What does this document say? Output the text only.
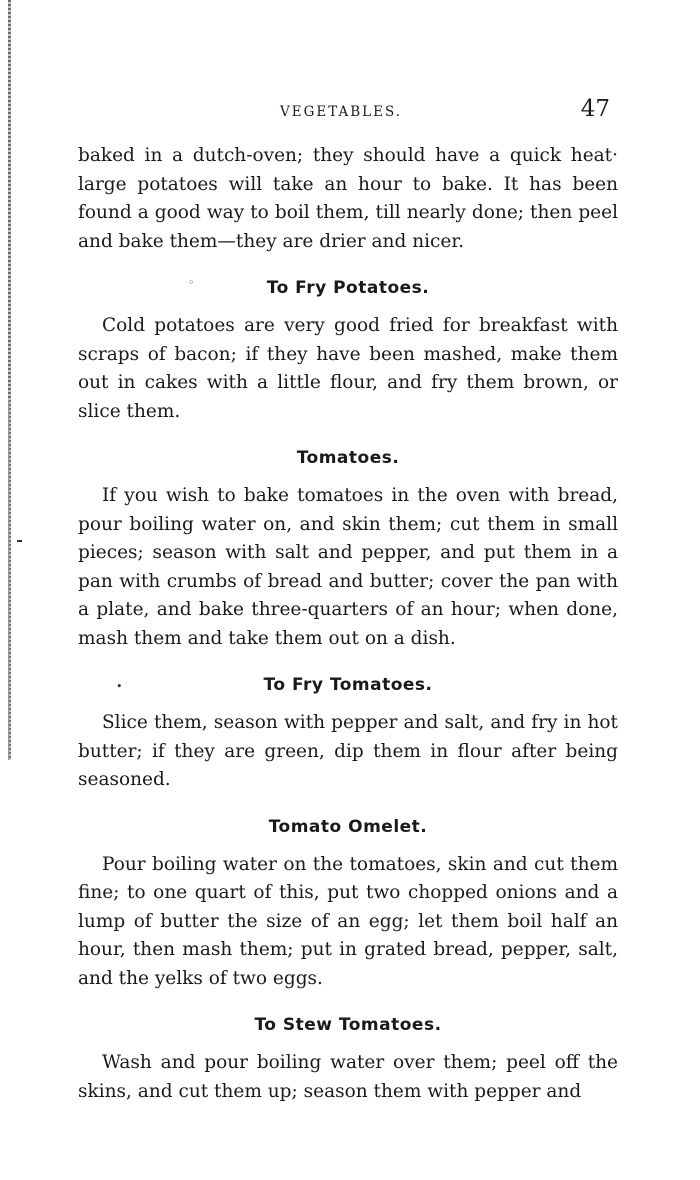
VEGETABLES.	47

baked in a dutch-oven; they should have a quick heat· large potatoes will take an hour to bake. It has been found a good way to boil them, till nearly done; then peel and bake them—they are drier and nicer.

To Fry Potatoes.

Cold potatoes are very good fried for breakfast with scraps of bacon; if they have been mashed, make them out in cakes with a little flour, and fry them brown, or slice them.

Tomatoes.

If you wish to bake tomatoes in the oven with bread, pour boiling water on, and skin them; cut them in small pieces; season with salt and pepper, and put them in a pan with crumbs of bread and butter; cover the pan with a plate, and bake three-quarters of an hour; when done, mash them and take them out on a dish.

To Fry Tomatoes.

Slice them, season with pepper and salt, and fry in hot butter; if they are green, dip them in flour after being seasoned.

Tomato Omelet.

Pour boiling water on the tomatoes, skin and cut them fine; to one quart of this, put two chopped onions and a lump of butter the size of an egg; let them boil half an hour, then mash them; put in grated bread, pepper, salt, and the yelks of two eggs.

To Stew Tomatoes.

Wash and pour boiling water over them; peel off the skins, and cut them up; season them with pepper and

◦
•
